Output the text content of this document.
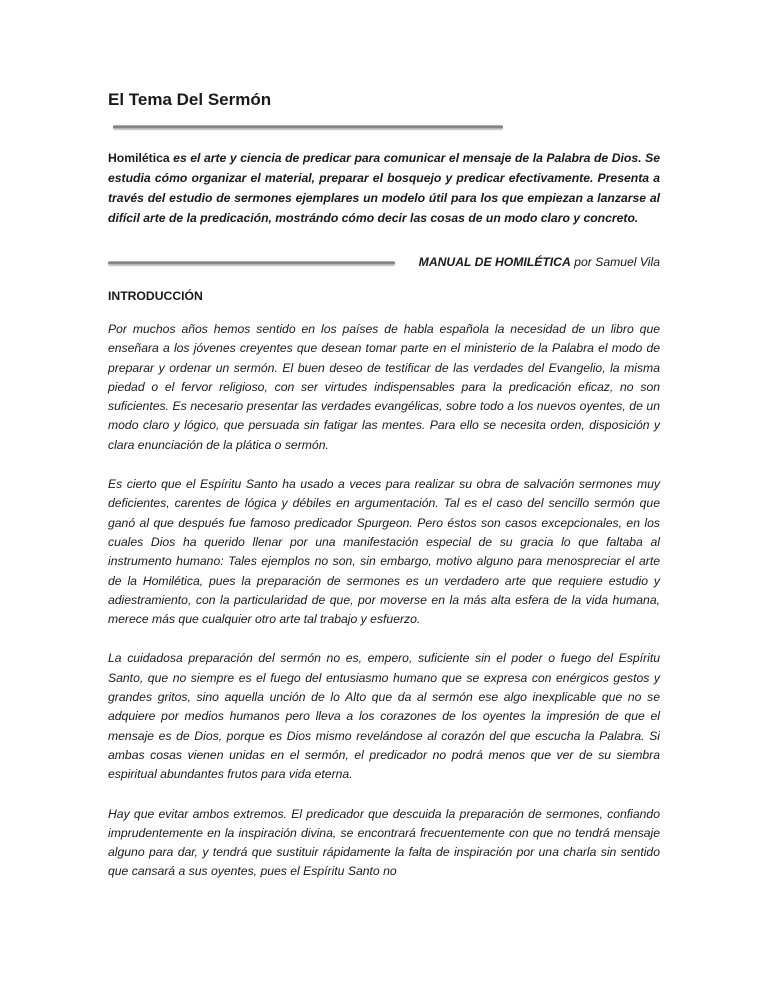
El Tema Del Sermón

Homilética es el arte y ciencia de predicar para comunicar el mensaje de la Palabra de Dios. Se estudia cómo organizar el material, preparar el bosquejo y predicar efectivamente. Presenta a través del estudio de sermones ejemplares un modelo útil para los que empiezan a lanzarse al difícil arte de la predicación, mostrándo cómo decir las cosas de un modo claro y concreto.

MANUAL DE HOMILÉTICA por Samuel Vila

INTRODUCCIÓN

Por muchos años hemos sentido en los países de habla española la necesidad de un libro que enseñara a los jóvenes creyentes que desean tomar parte en el ministerio de la Palabra el modo de preparar y ordenar un sermón. El buen deseo de testificar de las verdades del Evangelio, la misma piedad o el fervor religioso, con ser virtudes indispensables para la predicación eficaz, no son suficientes. Es necesario presentar las verdades evangélicas, sobre todo a los nuevos oyentes, de un modo claro y lógico, que persuada sin fatigar las mentes. Para ello se necesita orden, disposición y clara enunciación de la plática o sermón.

Es cierto que el Espíritu Santo ha usado a veces para realizar su obra de salvación sermones muy deficientes, carentes de lógica y débiles en argumentación. Tal es el caso del sencillo sermón que ganó al que después fue famoso predicador Spurgeon. Pero éstos son casos excepcionales, en los cuales Dios ha querido llenar por una manifestación especial de su gracia lo que faltaba al instrumento humano: Tales ejemplos no son, sin embargo, motivo alguno para menospreciar el arte de la Homilética, pues la preparación de sermones es un verdadero arte que requiere estudio y adiestramiento, con la particularidad de que, por moverse en la más alta esfera de la vida humana, merece más que cualquier otro arte tal trabajo y esfuerzo.

La cuidadosa preparación del sermón no es, empero, suficiente sin el poder o fuego del Espíritu Santo, que no siempre es el fuego del entusiasmo humano que se expresa con enérgicos gestos y grandes gritos, sino aquella unción de lo Alto que da al sermón ese algo inexplicable que no se adquiere por medios humanos pero lleva a los corazones de los oyentes la impresión de que el mensaje es de Dios, porque es Dios mismo revelándose al corazón del que escucha la Palabra. Si ambas cosas vienen unidas en el sermón, el predicador no podrá menos que ver de su siembra espiritual abundantes frutos para vida eterna.

Hay que evitar ambos extremos. El predicador que descuida la preparación de sermones, confiando imprudentemente en la inspiración divina, se encontrará frecuentemente con que no tendrá mensaje alguno para dar, y tendrá que sustituir rápidamente la falta de inspiración por una charla sin sentido que cansará a sus oyentes, pues el Espíritu Santo no
